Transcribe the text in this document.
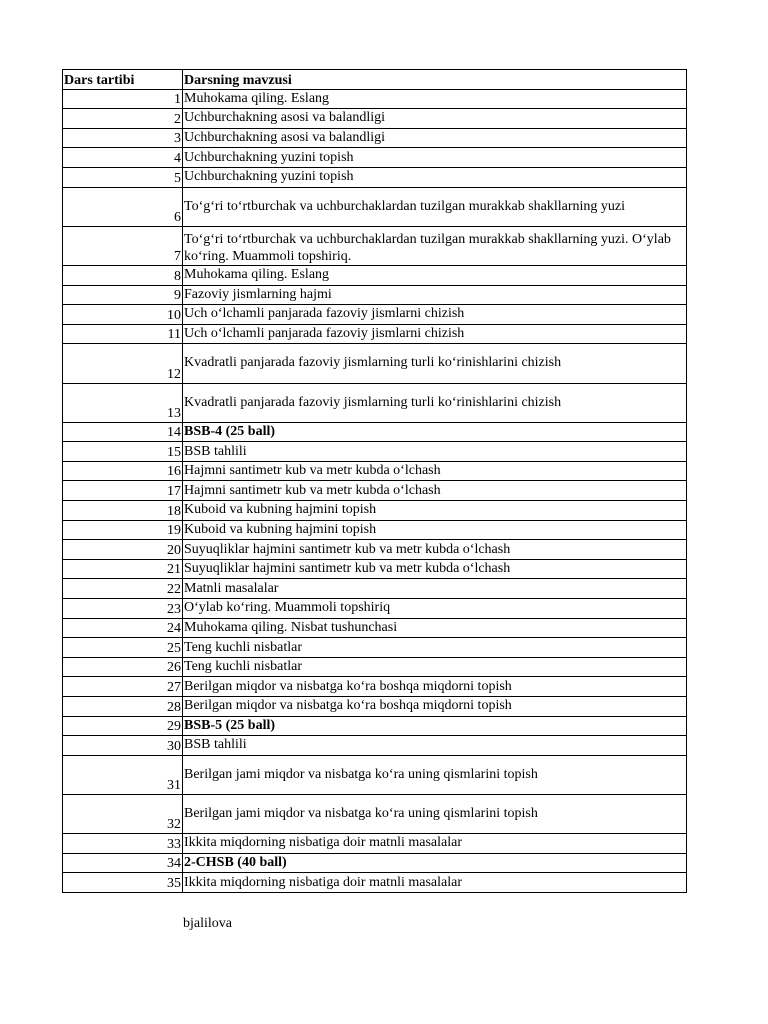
Dars tartibi	Darsning mavzusi
1	Muhokama qiling. Eslang
2	Uchburchakning asosi va balandligi
3	Uchburchakning asosi va balandligi
4	Uchburchakning yuzini topish
5	Uchburchakning yuzini topish
6	To‘g‘ri to‘rtburchak va uchburchaklardan tuzilgan murakkab shakllarning yuzi
7	To‘g‘ri to‘rtburchak va uchburchaklardan tuzilgan murakkab shakllarning yuzi. O‘ylab ko‘ring. Muammoli topshiriq.
8	Muhokama qiling. Eslang
9	Fazoviy jismlarning hajmi
10	Uch o‘lchamli panjarada fazoviy jismlarni chizish
11	Uch o‘lchamli panjarada fazoviy jismlarni chizish
12	Kvadratli panjarada fazoviy jismlarning turli ko‘rinishlarini chizish
13	Kvadratli panjarada fazoviy jismlarning turli ko‘rinishlarini chizish
14	BSB-4 (25 ball)
15	BSB tahlili
16	Hajmni santimetr kub va metr kubda o‘lchash
17	Hajmni santimetr kub va metr kubda o‘lchash
18	Kuboid va kubning hajmini topish
19	Kuboid va kubning hajmini topish
20	Suyuqliklar hajmini santimetr kub va metr kubda o‘lchash
21	Suyuqliklar hajmini santimetr kub va metr kubda o‘lchash
22	Matnli masalalar
23	O‘ylab ko‘ring. Muammoli topshiriq
24	Muhokama qiling. Nisbat tushunchasi
25	Teng kuchli nisbatlar
26	Teng kuchli nisbatlar
27	Berilgan miqdor va nisbatga ko‘ra boshqa miqdorni topish
28	Berilgan miqdor va nisbatga ko‘ra boshqa miqdorni topish
29	BSB-5 (25 ball)
30	BSB tahlili
31	Berilgan jami miqdor va nisbatga ko‘ra uning qismlarini topish
32	Berilgan jami miqdor va nisbatga ko‘ra uning qismlarini topish
33	Ikkita miqdorning nisbatiga doir matnli masalalar
34	2-CHSB (40 ball)
35	Ikkita miqdorning nisbatiga doir matnli masalalar
bjalilova
